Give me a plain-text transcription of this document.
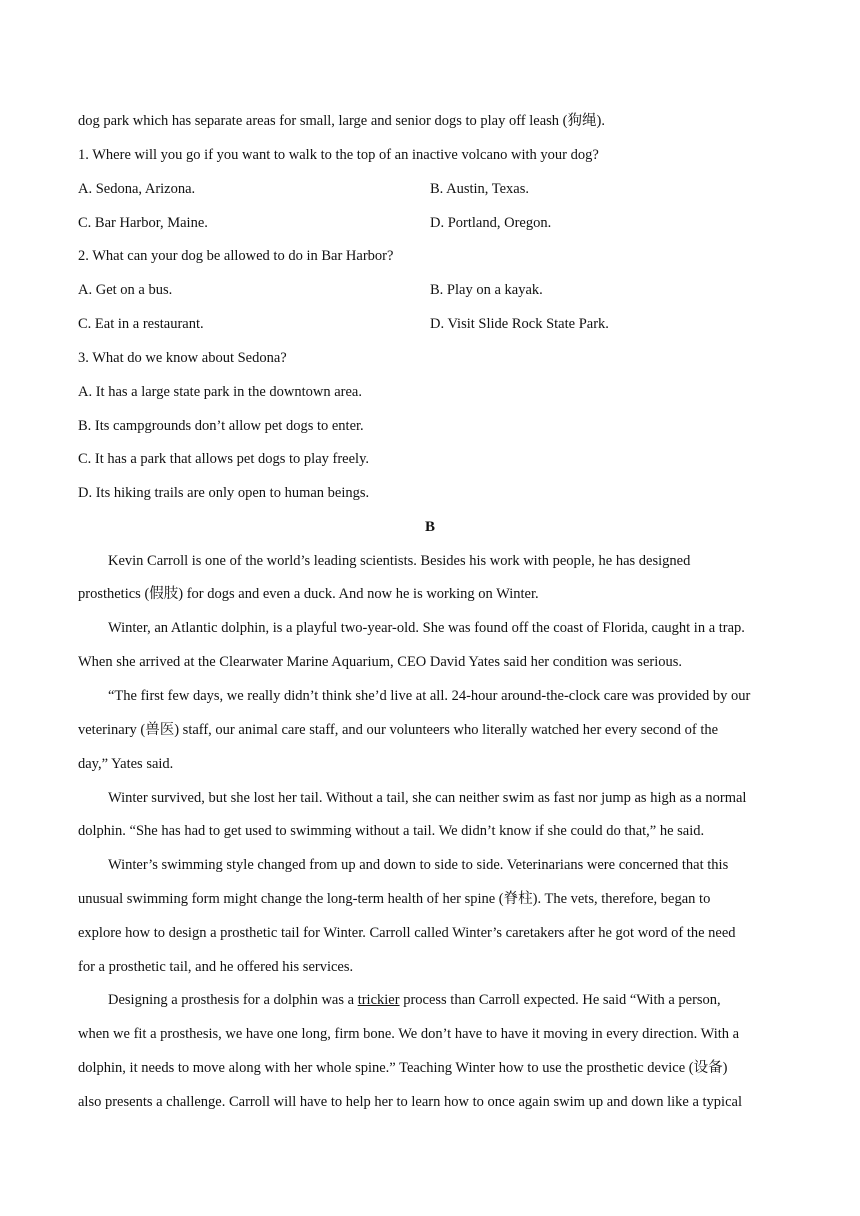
dog park which has separate areas for small, large and senior dogs to play off leash (狗绳).

1. Where will you go if you want to walk to the top of an inactive volcano with your dog?

A. Sedona, Arizona.	B. Austin, Texas.
C. Bar Harbor, Maine.	D. Portland, Oregon.

2. What can your dog be allowed to do in Bar Harbor?

A. Get on a bus.	B. Play on a kayak.
C. Eat in a restaurant.	D. Visit Slide Rock State Park.

3. What do we know about Sedona?

A. It has a large state park in the downtown area.

B. Its campgrounds don’t allow pet dogs to enter.

C. It has a park that allows pet dogs to play freely.

D. Its hiking trails are only open to human beings.

B

Kevin Carroll is one of the world’s leading scientists. Besides his work with people, he has designed

prosthetics (假肢) for dogs and even a duck. And now he is working on Winter.

Winter, an Atlantic dolphin, is a playful two-year-old. She was found off the coast of Florida, caught in a trap.

When she arrived at the Clearwater Marine Aquarium, CEO David Yates said her condition was serious.

“The first few days, we really didn’t think she’d live at all. 24-hour around-the-clock care was provided by our

veterinary (兽医) staff, our animal care staff, and our volunteers who literally watched her every second of the

day,” Yates said.

Winter survived, but she lost her tail. Without a tail, she can neither swim as fast nor jump as high as a normal

dolphin. “She has had to get used to swimming without a tail. We didn’t know if she could do that,” he said.

Winter’s swimming style changed from up and down to side to side. Veterinarians were concerned that this

unusual swimming form might change the long-term health of her spine (脊柱). The vets, therefore, began to

explore how to design a prosthetic tail for Winter. Carroll called Winter’s caretakers after he got word of the need

for a prosthetic tail, and he offered his services.

Designing a prosthesis for a dolphin was a trickier process than Carroll expected. He said “With a person,

when we fit a prosthesis, we have one long, firm bone. We don’t have to have it moving in every direction. With a

dolphin, it needs to move along with her whole spine.” Teaching Winter how to use the prosthetic device (设备)

also presents a challenge. Carroll will have to help her to learn how to once again swim up and down like a typical
